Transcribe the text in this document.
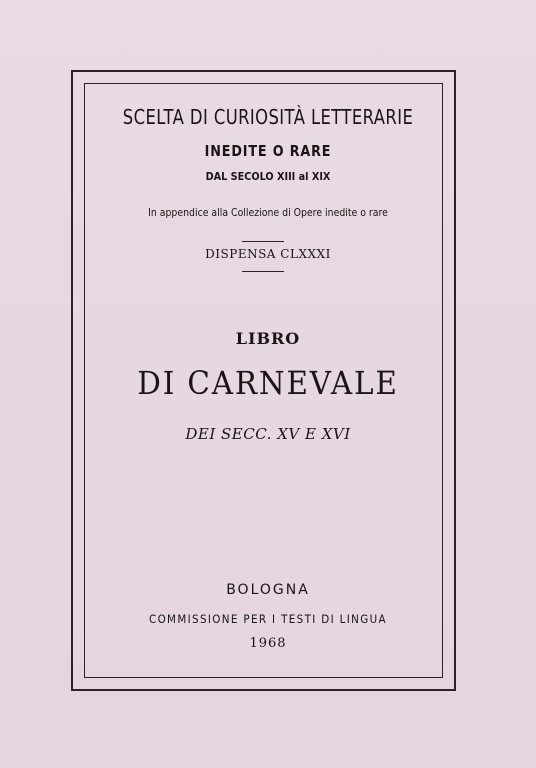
SCELTA DI CURIOSITÀ LETTERARIE

INEDITE O RARE

DAL SECOLO XIII al XIX

In appendice alla Collezione di Opere inedite o rare

DISPENSA CLXXXI

LIBRO

DI CARNEVALE

DEI SECC. XV E XVI

BOLOGNA

COMMISSIONE PER I TESTI DI LINGUA

1968
